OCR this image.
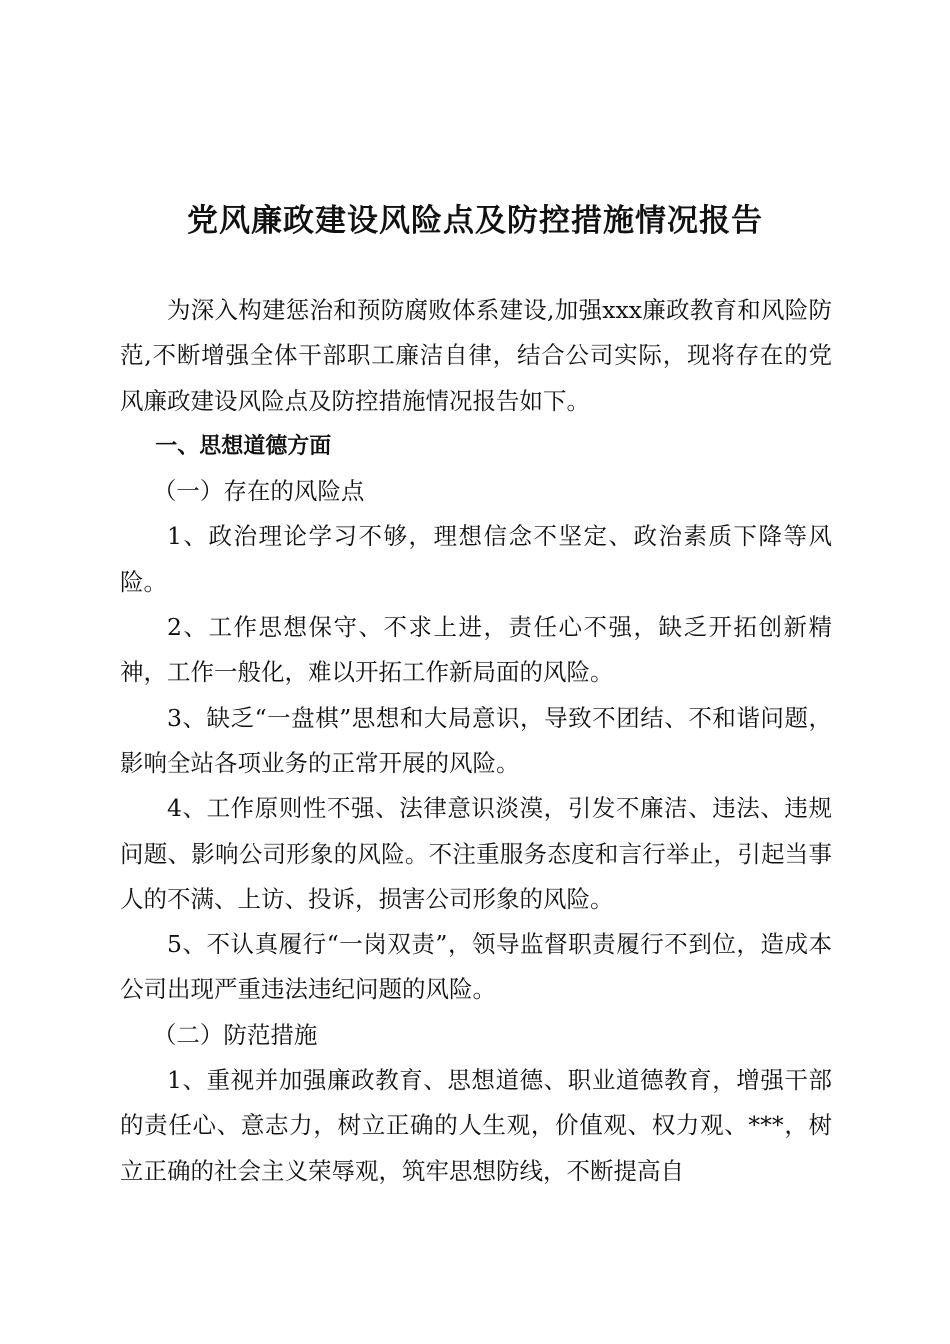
党风廉政建设风险点及防控措施情况报告

为深入构建惩治和预防腐败体系建设,加强xxx廉政教育和风险防范,不断增强全体干部职工廉洁自律，结合公司实际，现将存在的党风廉政建设风险点及防控措施情况报告如下。

一、思想道德方面

（一）存在的风险点

1、政治理论学习不够，理想信念不坚定、政治素质下降等风险。

2、工作思想保守、不求上进，责任心不强，缺乏开拓创新精神，工作一般化，难以开拓工作新局面的风险。

3、缺乏“一盘棋”思想和大局意识，导致不团结、不和谐问题，影响全站各项业务的正常开展的风险。

4、工作原则性不强、法律意识淡漠，引发不廉洁、违法、违规问题、影响公司形象的风险。不注重服务态度和言行举止，引起当事人的不满、上访、投诉，损害公司形象的风险。

5、不认真履行“一岗双责”，领导监督职责履行不到位，造成本公司出现严重违法违纪问题的风险。

（二）防范措施

1、重视并加强廉政教育、思想道德、职业道德教育，增强干部的责任心、意志力，树立正确的人生观，价值观、权力观、***，树立正确的社会主义荣辱观，筑牢思想防线，不断提高自
